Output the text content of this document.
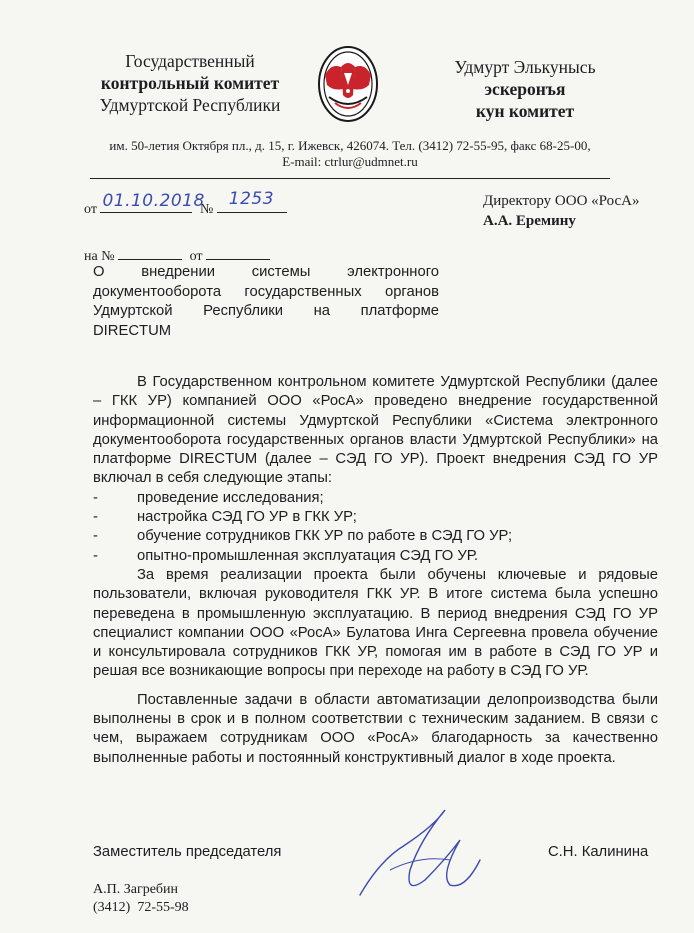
Государственный
контрольный комитет
Удмуртской Республики
Удмурт Элькунысь
эскеронъя
кун комитет
им. 50-летия Октября пл., д. 15, г. Ижевск, 426074. Тел. (3412) 72-55-95, факс 68-25-00,
E-mail: ctrlur@udmnet.ru
от 01.10.2018
№
1253
на №	от
Директору ООО «РосА»
А.А. Еремину

О внедрении системы электронного документооборота государственных органов Удмуртской Республики на платформе DIRECTUM

В Государственном контрольном комитете Удмуртской Республики (далее – ГКК УР) компанией ООО «РосА» проведено внедрение государственной информационной системы Удмуртской Республики «Система электронного документооборота государственных органов власти Удмуртской Республики» на платформе DIRECTUM (далее – СЭД ГО УР). Проект внедрения СЭД ГО УР включал в себя следующие этапы:

-	проведение исследования;

-	настройка СЭД ГО УР в ГКК УР;

-	обучение сотрудников ГКК УР по работе в СЭД ГО УР;

-	опытно-промышленная эксплуатация СЭД ГО УР.

За время реализации проекта были обучены ключевые и рядовые пользователи, включая руководителя ГКК УР. В итоге система была успешно переведена в промышленную эксплуатацию. В период внедрения СЭД ГО УР специалист компании ООО «РосА» Булатова Инга Сергеевна провела обучение и консультировала сотрудников ГКК УР, помогая им в работе в СЭД ГО УР и решая все возникающие вопросы при переходе на работу в СЭД ГО УР.

Поставленные задачи в области автоматизации делопроизводства были выполнены в срок и в полном соответствии с техническим заданием. В связи с чем, выражаем сотрудникам ООО «РосА» благодарность за качественно выполненные работы и постоянный конструктивный диалог в ходе проекта.

Заместитель председателя	С.Н. Калинина
А.П. Загребин
(3412)  72-55-98
